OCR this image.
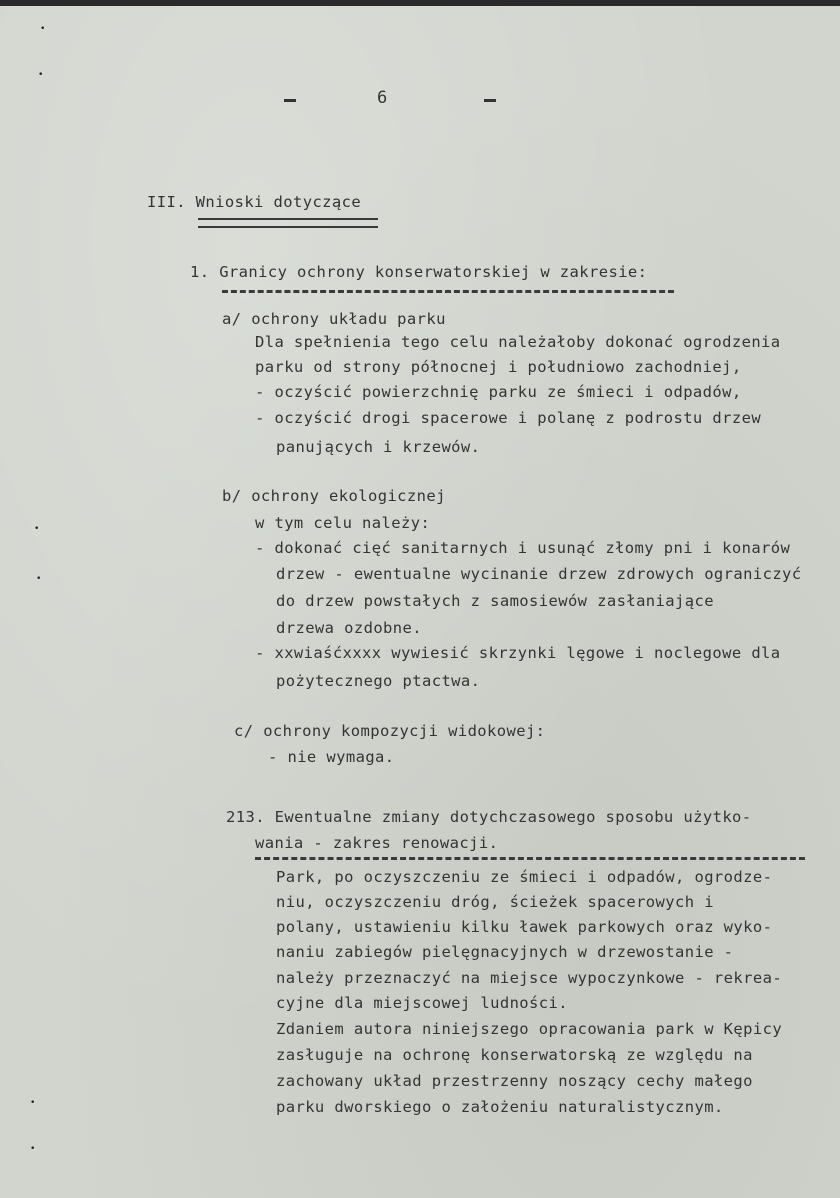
•
•
•
•
•
•
6
III. Wnioski dotyczące
1. Granicy ochrony konserwatorskiej w zakresie:
a/ ochrony układu parku
Dla spełnienia tego celu należałoby dokonać ogrodzenia
parku od strony północnej i południowo zachodniej,
- oczyścić powierzchnię parku ze śmieci i odpadów,
- oczyścić drogi spacerowe i polanę z podrostu drzew
panujących i krzewów.
b/ ochrony ekologicznej
w tym celu należy:
- dokonać cięć sanitarnych i usunąć złomy pni i konarów
drzew - ewentualne wycinanie drzew zdrowych ograniczyć
do drzew powstałych z samosiewów zasłaniające
drzewa ozdobne.
- xxwiaśćxxxx wywiesić skrzynki lęgowe i noclegowe dla
pożytecznego ptactwa.
c/ ochrony kompozycji widokowej:
- nie wymaga.
213. Ewentualne zmiany dotychczasowego sposobu użytko-
wania - zakres renowacji.
Park, po oczyszczeniu ze śmieci i odpadów, ogrodze-
niu, oczyszczeniu dróg, ścieżek spacerowych i
polany, ustawieniu kilku ławek parkowych oraz wyko-
naniu zabiegów pielęgnacyjnych w drzewostanie -
należy przeznaczyć na miejsce wypoczynkowe - rekrea-
cyjne dla miejscowej ludności.
Zdaniem autora niniejszego opracowania park w Kępicy
zasługuje na ochronę konserwatorską ze względu na
zachowany układ przestrzenny noszący cechy małego
parku dworskiego o założeniu naturalistycznym.
